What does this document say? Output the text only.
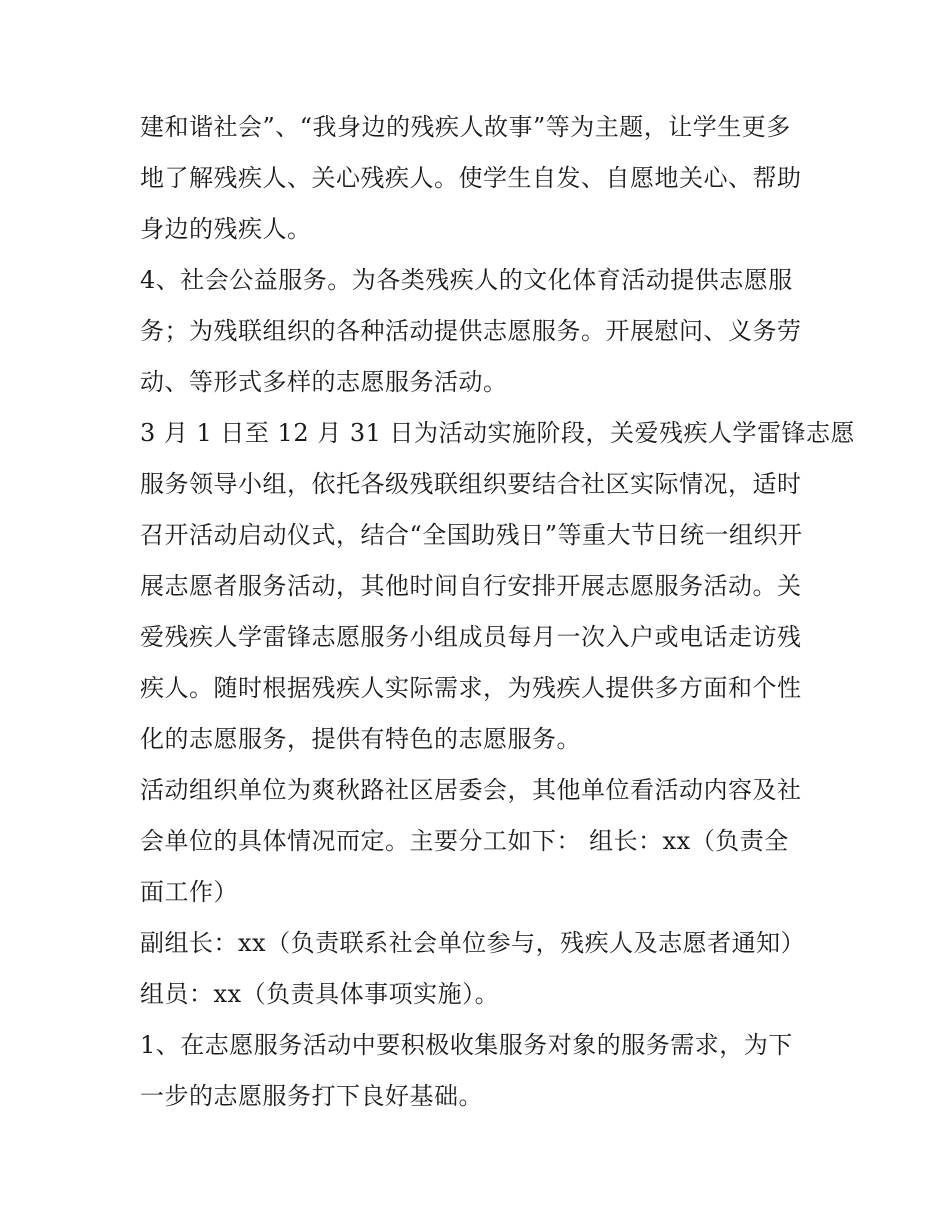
建和谐社会”、“我身边的残疾人故事”等为主题，让学生更多
地了解残疾人、关心残疾人。使学生自发、自愿地关心、帮助
身边的残疾人。
4、社会公益服务。为各类残疾人的文化体育活动提供志愿服
务；为残联组织的各种活动提供志愿服务。开展慰问、义务劳
动、等形式多样的志愿服务活动。
3 月 1 日至 12 月 31 日为活动实施阶段，关爱残疾人学雷锋志愿
服务领导小组，依托各级残联组织要结合社区实际情况，适时
召开活动启动仪式，结合“全国助残日”等重大节日统一组织开
展志愿者服务活动，其他时间自行安排开展志愿服务活动。关
爱残疾人学雷锋志愿服务小组成员每月一次入户或电话走访残
疾人。随时根据残疾人实际需求，为残疾人提供多方面和个性
化的志愿服务，提供有特色的志愿服务。
活动组织单位为爽秋路社区居委会，其他单位看活动内容及社
会单位的具体情况而定。主要分工如下： 组长：xx（负责全
面工作）
副组长：xx（负责联系社会单位参与，残疾人及志愿者通知）
组员：xx（负责具体事项实施）。
1、在志愿服务活动中要积极收集服务对象的服务需求，为下
一步的志愿服务打下良好基础。
